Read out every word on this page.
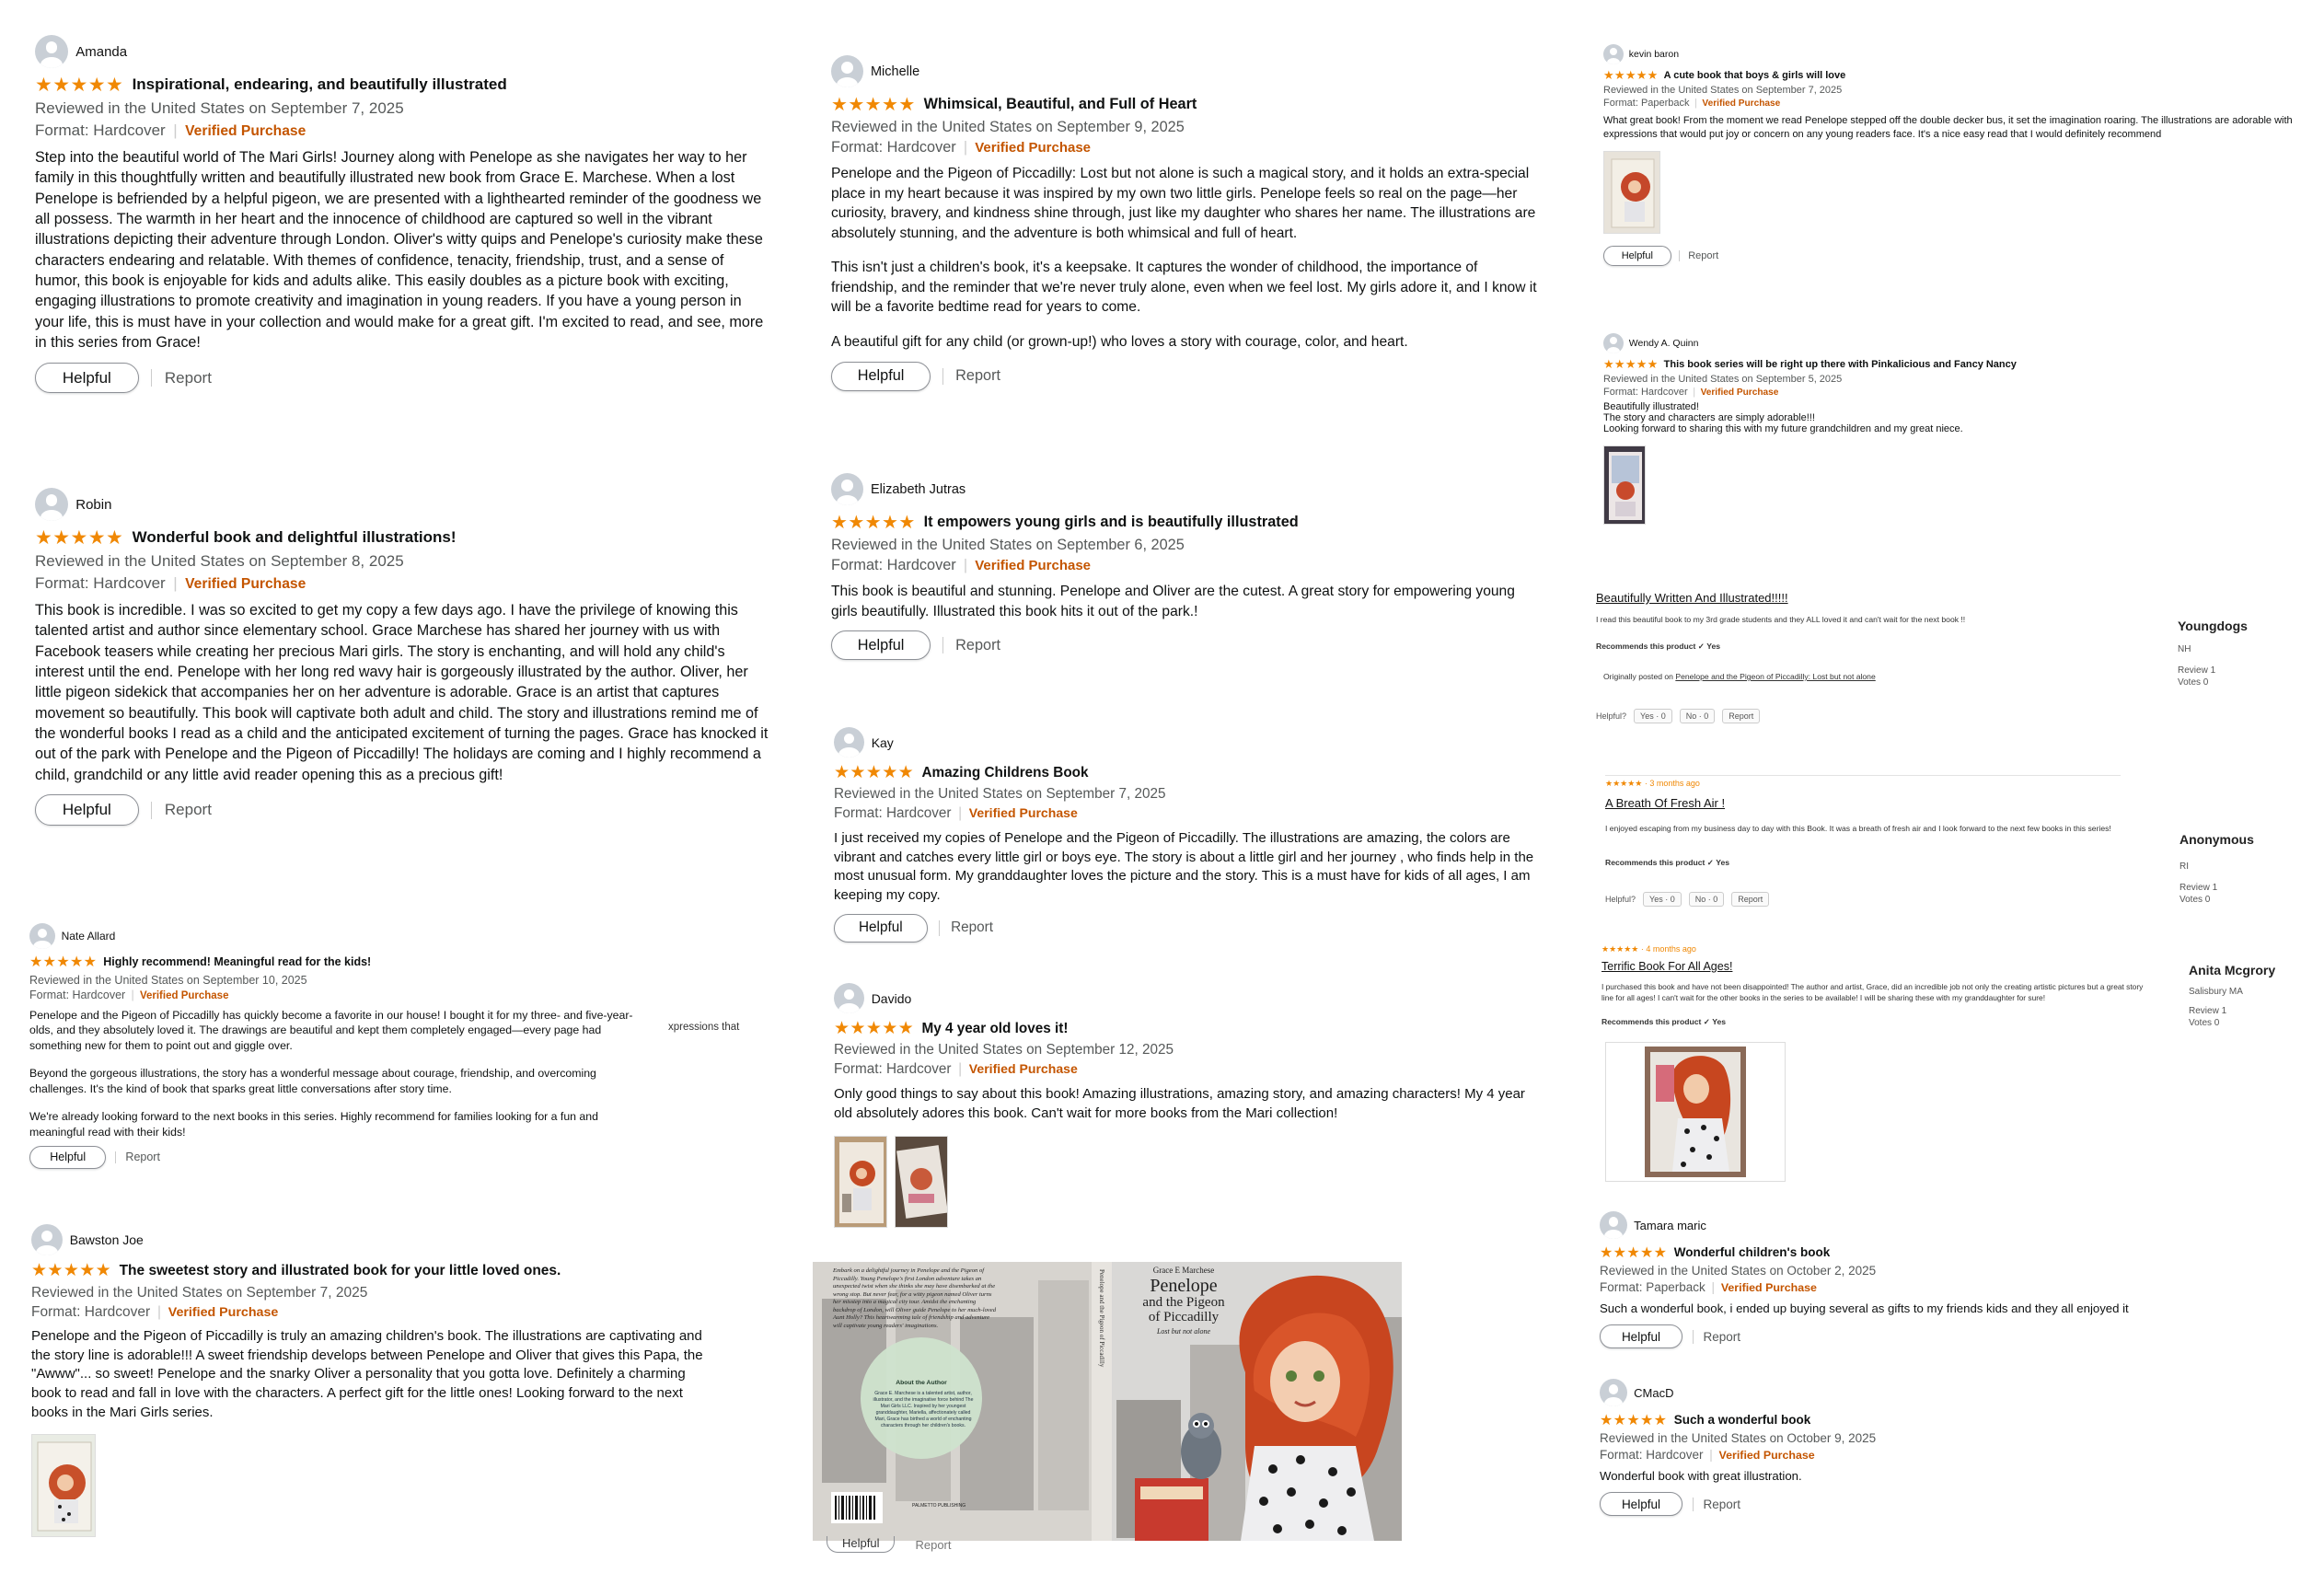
Amanda
★★★★★ Inspirational, endearing, and beautifully illustrated
Reviewed in the United States on September 7, 2025
Format: Hardcover | Verified Purchase

Step into the beautiful world of The Mari Girls! Journey along with Penelope as she navigates her way to her family in this thoughtfully written and beautifully illustrated new book from Grace E. Marchese. When a lost Penelope is befriended by a helpful pigeon, we are presented with a lighthearted reminder of the goodness we all possess. The warmth in her heart and the innocence of childhood are captured so well in the vibrant illustrations depicting their adventure through London. Oliver's witty quips and Penelope's curiosity make these characters endearing and relatable. With themes of confidence, tenacity, friendship, trust, and a sense of humor, this book is enjoyable for kids and adults alike. This easily doubles as a picture book with exciting, engaging illustrations to promote creativity and imagination in young readers. If you have a young person in your life, this is must have in your collection and would make for a great gift. I'm excited to read, and see, more in this series from Grace!

Helpful	Report
Robin
★★★★★ Wonderful book and delightful illustrations!
Reviewed in the United States on September 8, 2025
Format: Hardcover | Verified Purchase

This book is incredible. I was so excited to get my copy a few days ago. I have the privilege of knowing this talented artist and author since elementary school. Grace Marchese has shared her journey with us with Facebook teasers while creating her precious Mari girls. The story is enchanting, and will hold any child's interest until the end. Penelope with her long red wavy hair is gorgeously illustrated by the author. Oliver, her little pigeon sidekick that accompanies her on her adventure is adorable. Grace is an artist that captures movement so beautifully. This book will captivate both adult and child. The story and illustrations remind me of the wonderful books I read as a child and the anticipated excitement of turning the pages. Grace has knocked it out of the park with Penelope and the Pigeon of Piccadilly! The holidays are coming and I highly recommend a child, grandchild or any little avid reader opening this as a precious gift!

Helpful	Report
Nate Allard
★★★★★ Highly recommend! Meaningful read for the kids!
Reviewed in the United States on September 10, 2025
Format: Hardcover | Verified Purchase

Penelope and the Pigeon of Piccadilly has quickly become a favorite in our house! I bought it for my three- and five-year-olds, and they absolutely loved it. The drawings are beautiful and kept them completely engaged—every page had something new for them to point out and giggle over.

Beyond the gorgeous illustrations, the story has a wonderful message about courage, friendship, and overcoming challenges. It's the kind of book that sparks great little conversations after story time.

We're already looking forward to the next books in this series. Highly recommend for families looking for a fun and meaningful read with their kids!

Helpful	Report
xpressions that
Bawston Joe
★★★★★ The sweetest story and illustrated book for your little loved ones.
Reviewed in the United States on September 7, 2025
Format: Hardcover | Verified Purchase

Penelope and the Pigeon of Piccadilly is truly an amazing children's book. The illustrations are captivating and the story line is adorable!!! A sweet friendship develops between Penelope and Oliver that gives this Papa, the "Awww"... so sweet! Penelope and the snarky Oliver a personality that you gotta love. Definitely a charming book to read and fall in love with the characters. A perfect gift for the little ones! Looking forward to the next books in the Mari Girls series.

Michelle
★★★★★ Whimsical, Beautiful, and Full of Heart
Reviewed in the United States on September 9, 2025
Format: Hardcover | Verified Purchase

Penelope and the Pigeon of Piccadilly: Lost but not alone is such a magical story, and it holds an extra-special place in my heart because it was inspired by my own two little girls. Penelope feels so real on the page—her curiosity, bravery, and kindness shine through, just like my daughter who shares her name. The illustrations are absolutely stunning, and the adventure is both whimsical and full of heart.

This isn't just a children's book, it's a keepsake. It captures the wonder of childhood, the importance of friendship, and the reminder that we're never truly alone, even when we feel lost. My girls adore it, and I know it will be a favorite bedtime read for years to come.

A beautiful gift for any child (or grown-up!) who loves a story with courage, color, and heart.

Helpful	Report
Elizabeth Jutras
★★★★★ It empowers young girls and is beautifully illustrated
Reviewed in the United States on September 6, 2025
Format: Hardcover | Verified Purchase

This book is beautiful and stunning. Penelope and Oliver are the cutest. A great story for empowering young girls beautifully. Illustrated this book hits it out of the park.!

Helpful	Report
Kay
★★★★★ Amazing Childrens Book
Reviewed in the United States on September 7, 2025
Format: Hardcover | Verified Purchase

I just received my copies of Penelope and the Pigeon of Piccadilly. The illustrations are amazing, the colors are vibrant and catches every little girl or boys eye. The story is about a little girl and her journey , who finds help in the most unusual form. My granddaughter loves the picture and the story. This is a must have for kids of all ages, I am keeping my copy.

Helpful	Report
Davido
★★★★★ My 4 year old loves it!
Reviewed in the United States on September 12, 2025
Format: Hardcover | Verified Purchase

Only good things to say about this book! Amazing illustrations, amazing story, and amazing characters! My 4 year old absolutely adores this book. Can't wait for more books from the Mari collection!

Embark on a delightful journey in Penelope and the Pigeon of Piccadilly. Young Penelope's first London adventure takes an unexpected twist when she thinks she may have disembarked at the wrong stop. But never fear, for a witty pigeon named Oliver turns her misstep into a magical city tour. Amidst the enchanting backdrop of London, will Oliver guide Penelope to her much-loved Aunt Holly? This heartwarming tale of friendship and adventure will captivate young readers' imaginations.
About the Author
Grace E. Marchese is a talented artist, author, illustrator, and the imaginative force behind The Mari Girls LLC. Inspired by her youngest granddaughter, Mariella, affectionately called Mari, Grace has birthed a world of enchanting characters through her children's books.
PALMETTO PUBLISHING
Penelope and the Pigeon of Piccadilly	Grace E Marchese
Penelope
and the Pigeon
of Piccadilly
Lost but not alone
Helpful	Report
kevin baron
★★★★★ A cute book that boys & girls will love
Reviewed in the United States on September 7, 2025
Format: Paperback | Verified Purchase

What great book! From the moment we read Penelope stepped off the double decker bus, it set the imagination roaring. The illustrations are adorable with expressions that would put joy or concern on any young readers face. It's a nice easy read that I would definitely recommend

Helpful	Report
Wendy A. Quinn
★★★★★ This book series will be right up there with Pinkalicious and Fancy Nancy
Reviewed in the United States on September 5, 2025
Format: Hardcover | Verified Purchase
Beautifully illustrated!
The story and characters are simply adorable!!!
Looking forward to sharing this with my future grandchildren and my great niece.
Beautifully Written And Illustrated!!!!!
I read this beautiful book to my 3rd grade students and they ALL loved it and can't wait for the next book !!
Recommends this product ✓ Yes
Originally posted on Penelope and the Pigeon of Piccadilly: Lost but not alone
Helpful?	Yes · 0	No · 0	Report
Youngdogs
NH
Review 1
Votes 0
★★★★★ · 3 months ago
A Breath Of Fresh Air !
I enjoyed escaping from my business day to day with this Book. It was a breath of fresh air and I look forward to the next few books in this series!
Recommends this product ✓ Yes
Helpful?	Yes · 0	No · 0	Report
Anonymous
RI
Review 1
Votes 0
★★★★★ · 4 months ago
Terrific Book For All Ages!
I purchased this book and have not been disappointed! The author and artist, Grace, did an incredible job not only the creating artistic pictures but a great story line for all ages! I can't wait for the other books in the series to be available! I will be sharing these with my granddaughter for sure!
Recommends this product ✓ Yes
Anita Mcgrory
Salisbury MA
Review 1
Votes 0
Tamara maric
★★★★★ Wonderful children's book
Reviewed in the United States on October 2, 2025
Format: Paperback | Verified Purchase

Such a wonderful book, i ended up buying several as gifts to my friends kids and they all enjoyed it

Helpful	Report
CMacD
★★★★★ Such a wonderful book
Reviewed in the United States on October 9, 2025
Format: Hardcover | Verified Purchase

Wonderful book with great illustration.

Helpful	Report
